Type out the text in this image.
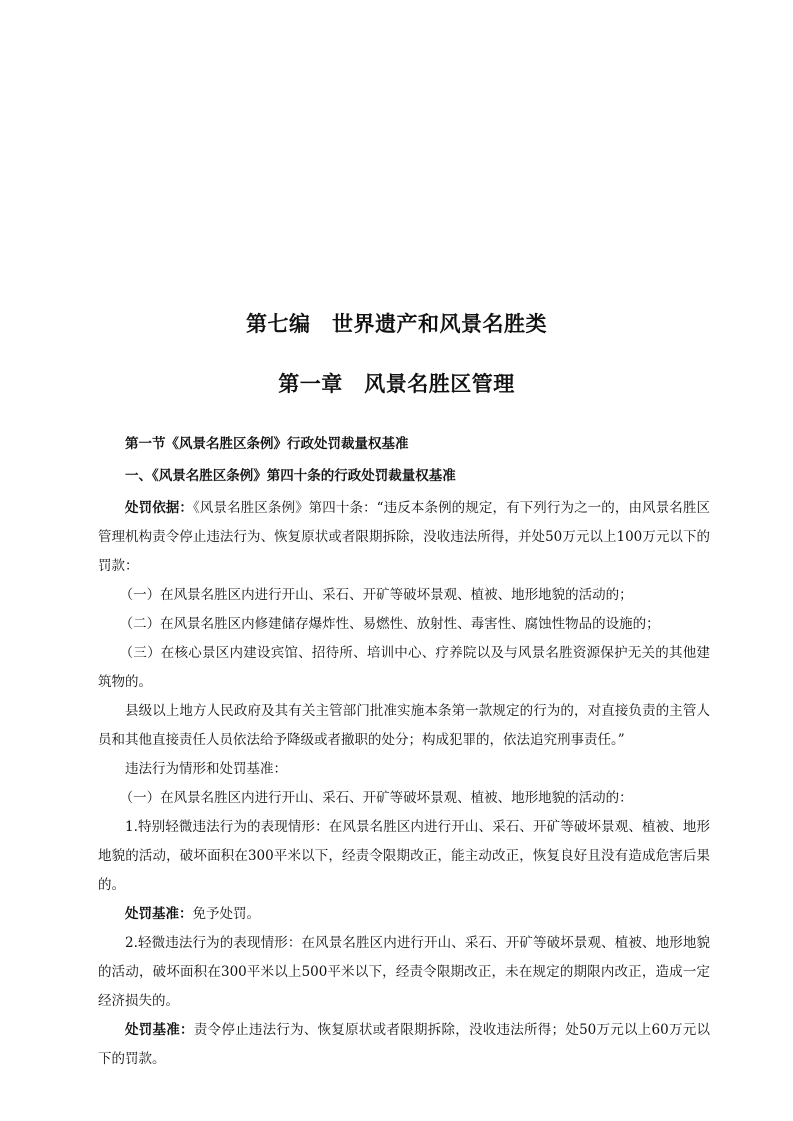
第七编　世界遗产和风景名胜类
第一章　风景名胜区管理

第一节《风景名胜区条例》行政处罚裁量权基准

一、《风景名胜区条例》第四十条的行政处罚裁量权基准

处罚依据：《风景名胜区条例》第四十条：“违反本条例的规定，有下列行为之一的，由风景名胜区管理机构责令停止违法行为、恢复原状或者限期拆除，没收违法所得，并处50万元以上100万元以下的罚款：

（一）在风景名胜区内进行开山、采石、开矿等破坏景观、植被、地形地貌的活动的；

（二）在风景名胜区内修建储存爆炸性、易燃性、放射性、毒害性、腐蚀性物品的设施的；

（三）在核心景区内建设宾馆、招待所、培训中心、疗养院以及与风景名胜资源保护无关的其他建筑物的。

县级以上地方人民政府及其有关主管部门批准实施本条第一款规定的行为的，对直接负责的主管人员和其他直接责任人员依法给予降级或者撤职的处分；构成犯罪的，依法追究刑事责任。”

违法行为情形和处罚基准：

（一）在风景名胜区内进行开山、采石、开矿等破坏景观、植被、地形地貌的活动的：

1.特别轻微违法行为的表现情形：在风景名胜区内进行开山、采石、开矿等破坏景观、植被、地形地貌的活动，破坏面积在300平米以下，经责令限期改正，能主动改正，恢复良好且没有造成危害后果的。

处罚基准：免予处罚。

2.轻微违法行为的表现情形：在风景名胜区内进行开山、采石、开矿等破坏景观、植被、地形地貌的活动，破坏面积在300平米以上500平米以下，经责令限期改正，未在规定的期限内改正，造成一定经济损失的。

处罚基准：责令停止违法行为、恢复原状或者限期拆除，没收违法所得；处50万元以上60万元以下的罚款。
